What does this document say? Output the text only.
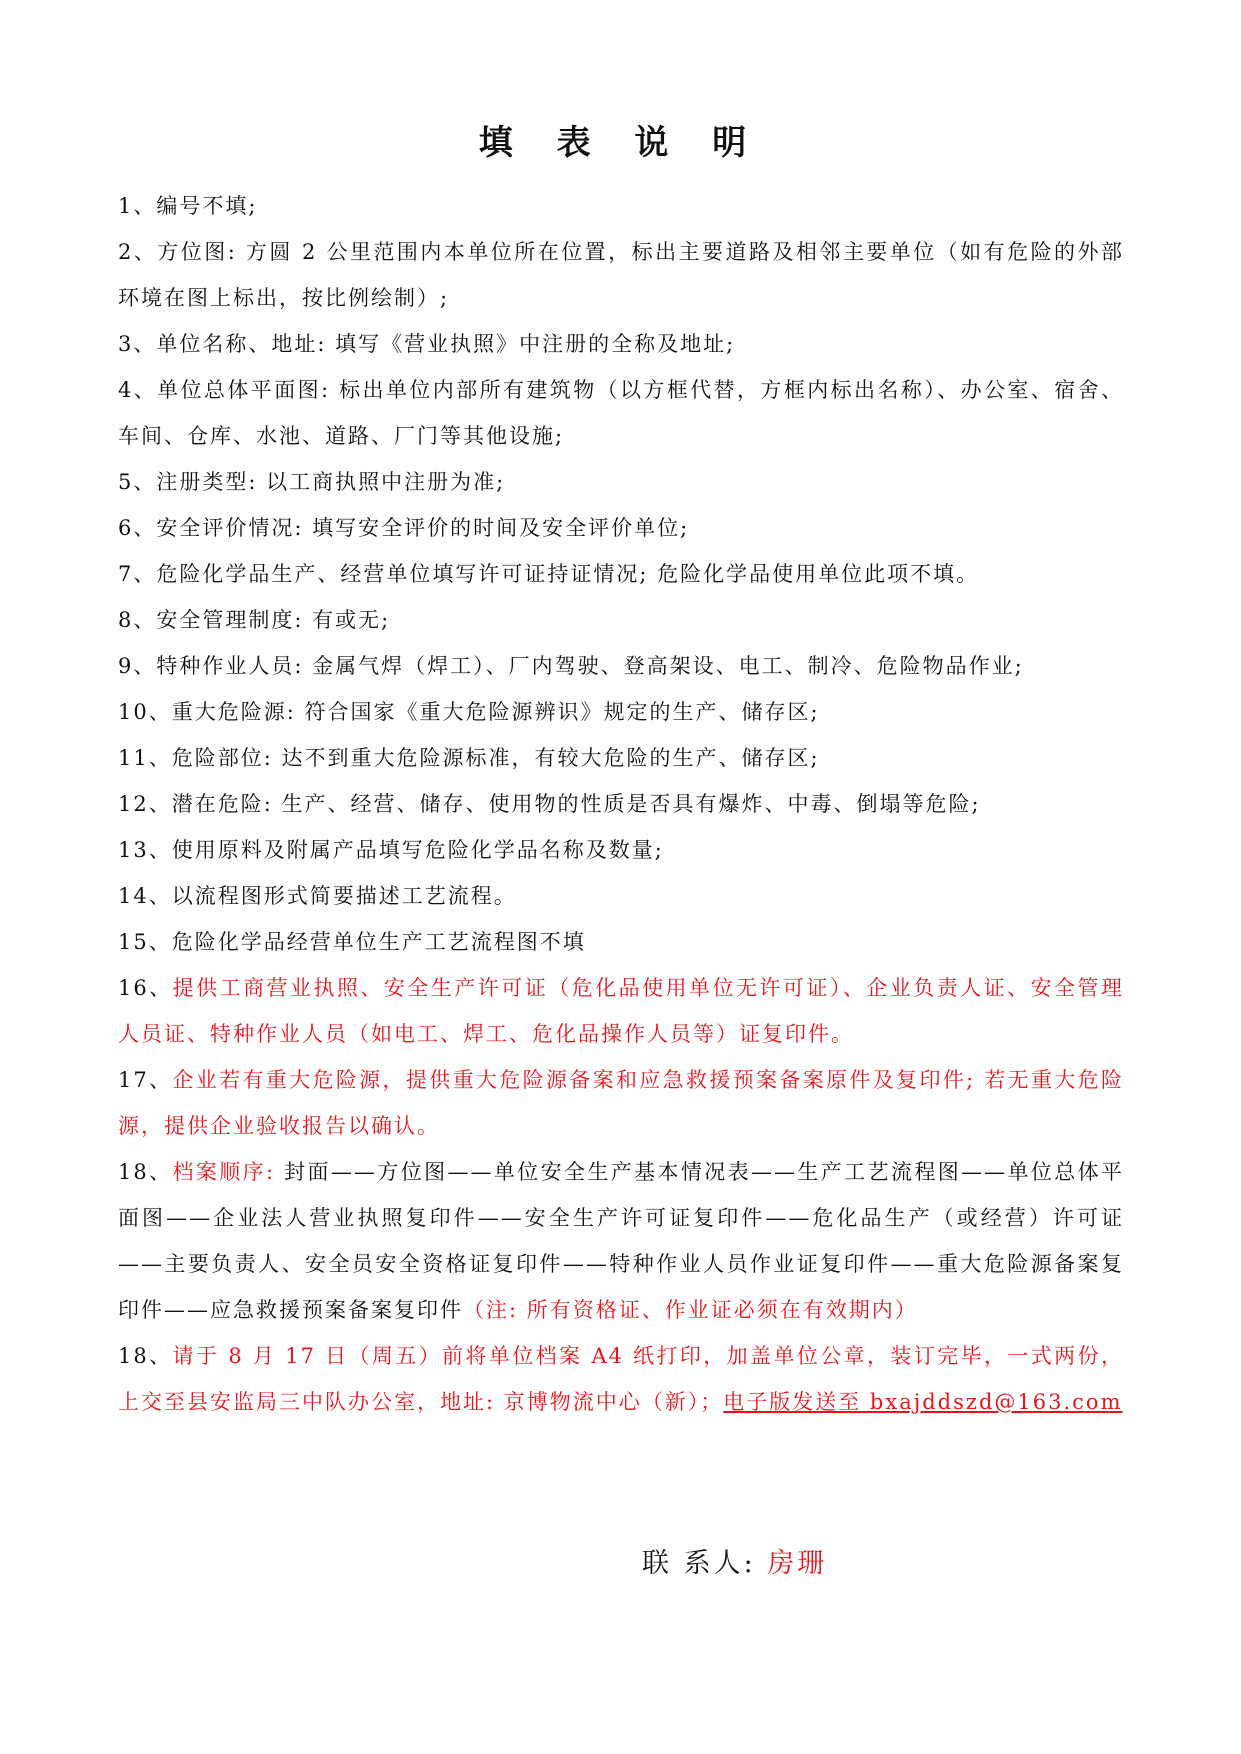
填 表 说 明

1、编号不填;

2、方位图: 方圆 2 公里范围内本单位所在位置，标出主要道路及相邻主要单位（如有危险的外部环境在图上标出，按比例绘制）;

3、单位名称、地址: 填写《营业执照》中注册的全称及地址;

4、单位总体平面图: 标出单位内部所有建筑物（以方框代替，方框内标出名称）、办公室、宿舍、车间、仓库、水池、道路、厂门等其他设施;

5、注册类型: 以工商执照中注册为准;

6、安全评价情况: 填写安全评价的时间及安全评价单位;

7、危险化学品生产、经营单位填写许可证持证情况; 危险化学品使用单位此项不填。

8、安全管理制度: 有或无;

9、特种作业人员: 金属气焊（焊工）、厂内驾驶、登高架设、电工、制冷、危险物品作业;

10、重大危险源: 符合国家《重大危险源辨识》规定的生产、储存区;

11、危险部位: 达不到重大危险源标准，有较大危险的生产、储存区;

12、潜在危险: 生产、经营、储存、使用物的性质是否具有爆炸、中毒、倒塌等危险;

13、使用原料及附属产品填写危险化学品名称及数量;

14、以流程图形式简要描述工艺流程。

15、危险化学品经营单位生产工艺流程图不填

16、提供工商营业执照、安全生产许可证（危化品使用单位无许可证）、企业负责人证、安全管理人员证、特种作业人员（如电工、焊工、危化品操作人员等）证复印件。

17、企业若有重大危险源，提供重大危险源备案和应急救援预案备案原件及复印件; 若无重大危险源，提供企业验收报告以确认。

18、档案顺序: 封面——方位图——单位安全生产基本情况表——生产工艺流程图——单位总体平面图——企业法人营业执照复印件——安全生产许可证复印件——危化品生产（或经营）许可证——主要负责人、安全员安全资格证复印件——特种作业人员作业证复印件——重大危险源备案复印件——应急救援预案备案复印件（注: 所有资格证、作业证必须在有效期内）

18、请于 8 月 17 日（周五）前将单位档案 A4 纸打印，加盖单位公章，装订完毕，一式两份，上交至县安监局三中队办公室，地址: 京博物流中心（新）；电子版发送至 bxajddszd@163.com

联 系人: 房珊
